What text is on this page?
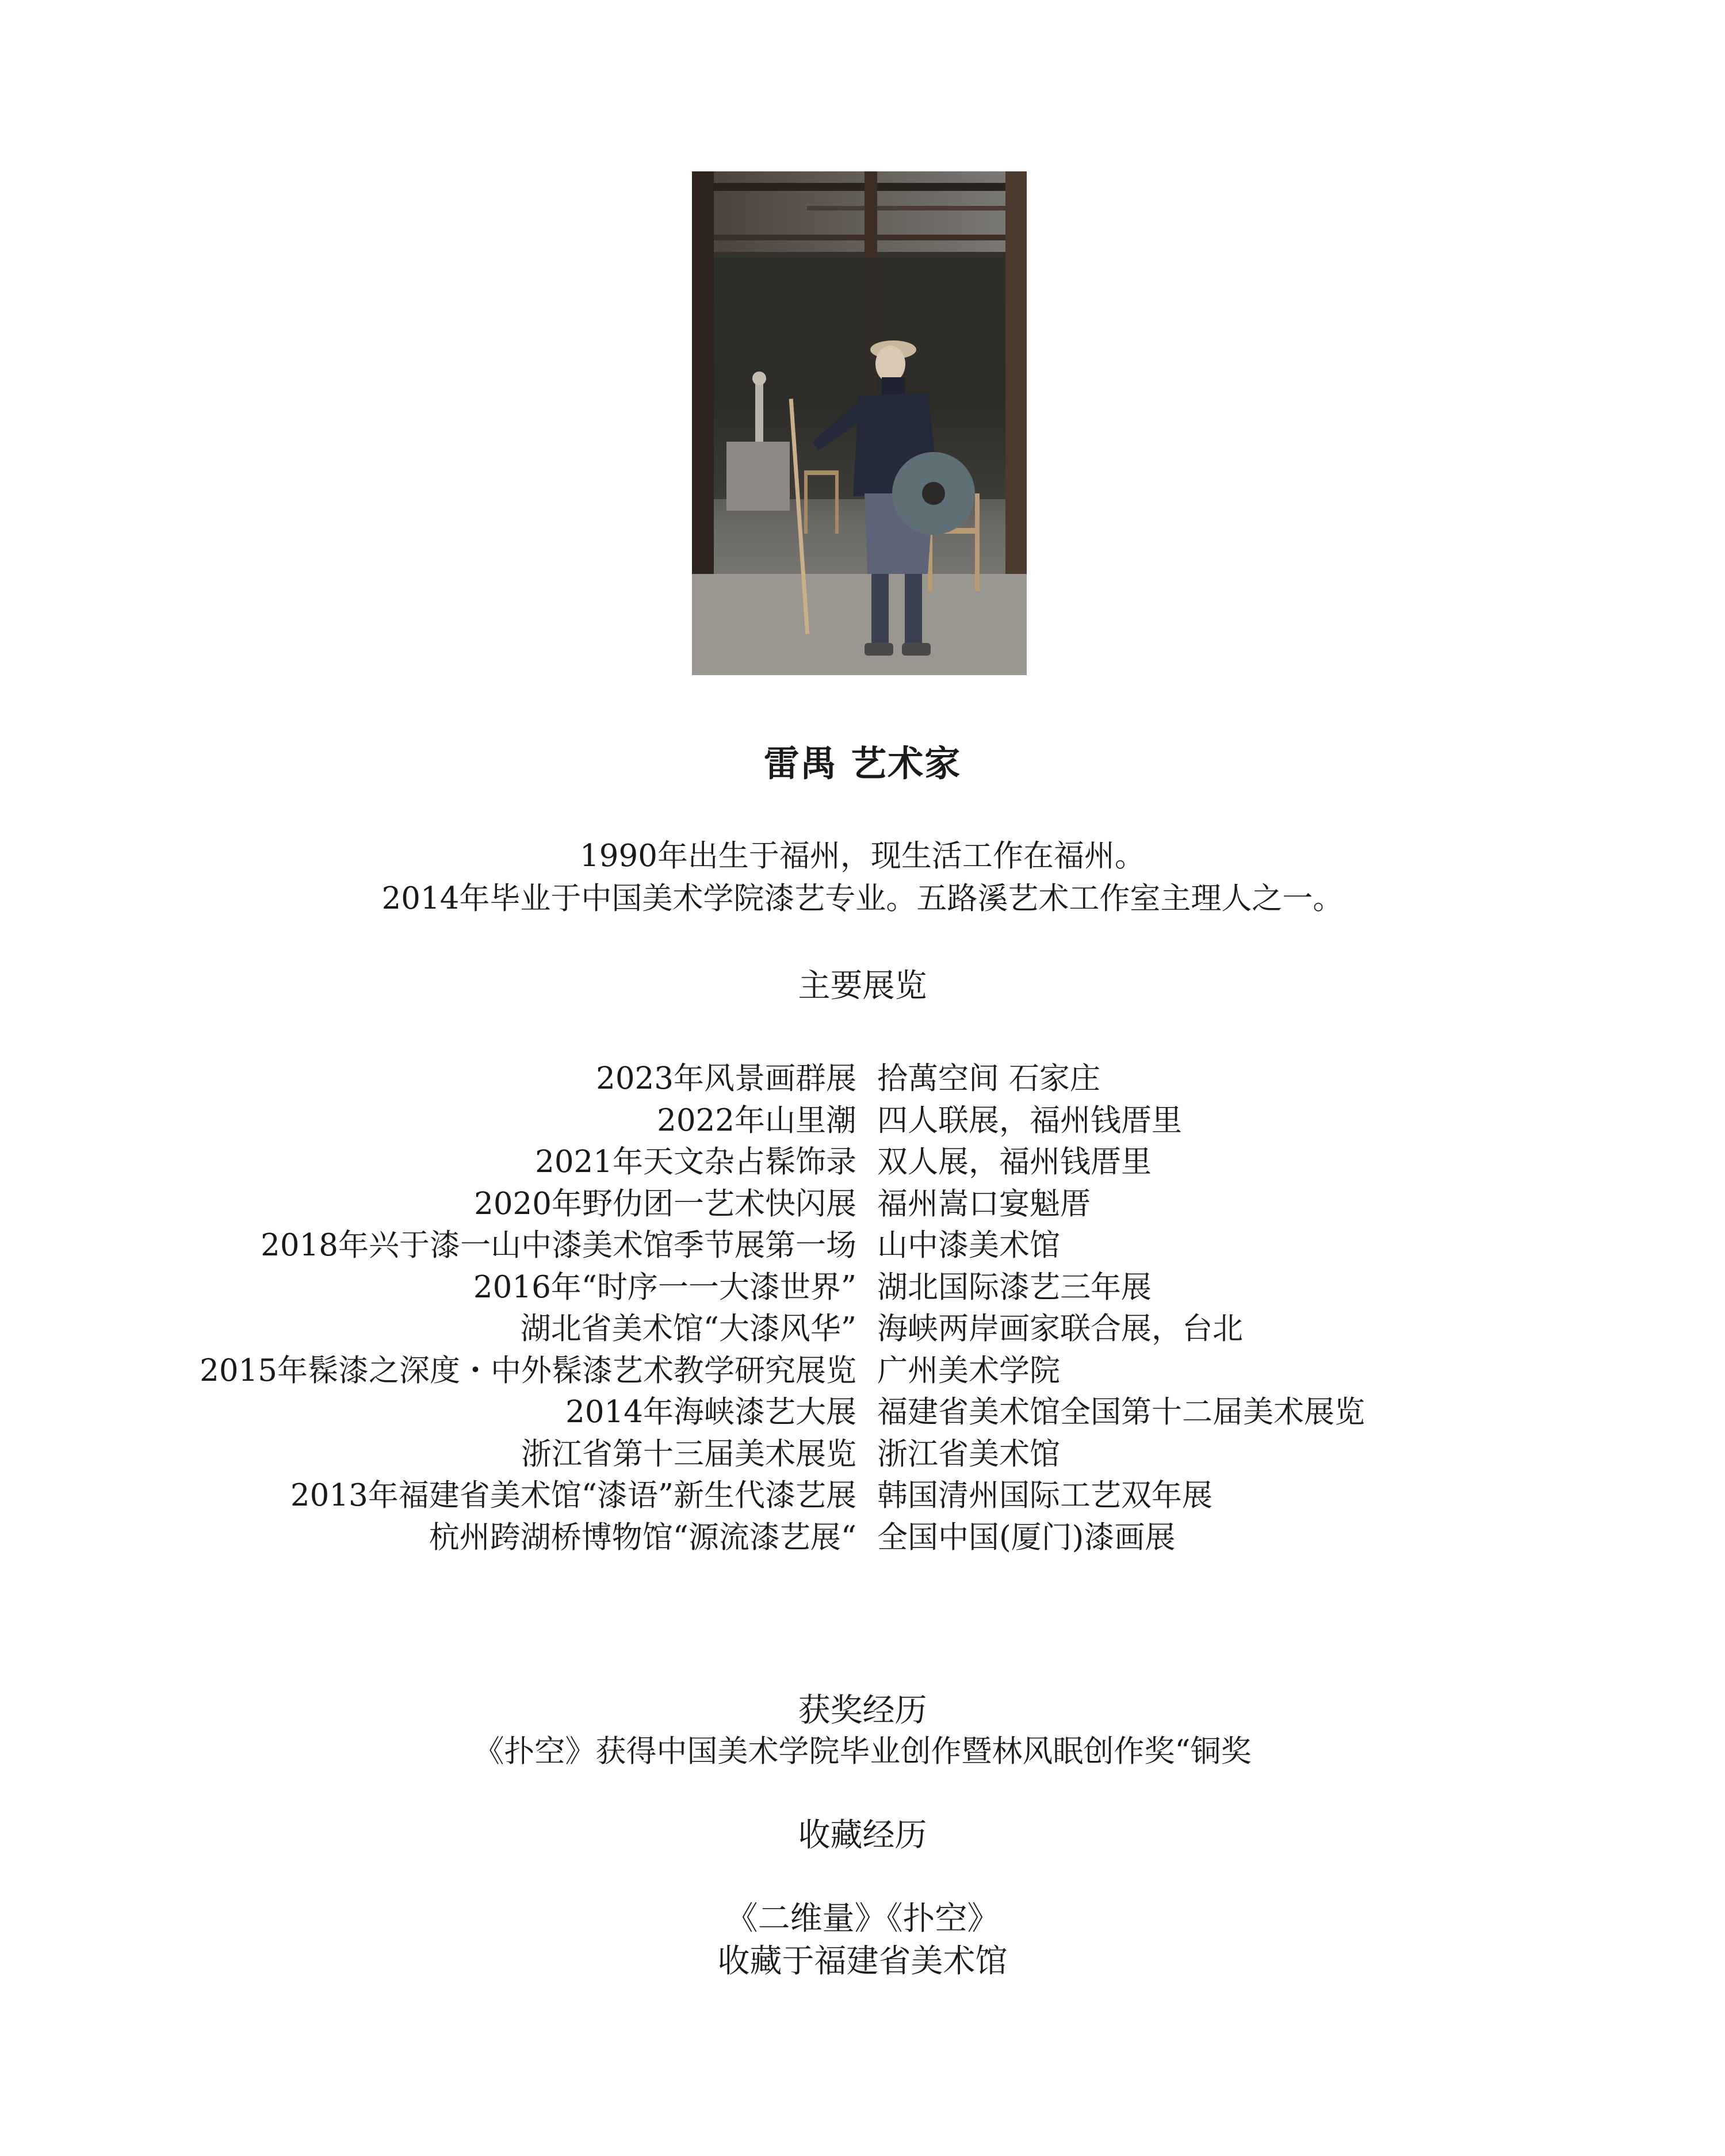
雷禺 艺术家
1990年出生于福州，现生活工作在福州。
2014年毕业于中国美术学院漆艺专业。五路溪艺术工作室主理人之一。
主要展览
2023年风景画群展 拾萬空间 石家庄
2022年山里潮 四人联展，福州钱厝里
2021年天文杂占髹饰录 双人展，福州钱厝里
2020年野仂团一艺术快闪展 福州嵩口宴魁厝
2018年兴于漆一山中漆美术馆季节展第一场 山中漆美术馆
2016年“时序一一大漆世界” 湖北国际漆艺三年展
湖北省美术馆“大漆风华” 海峡两岸画家联合展，台北
2015年髹漆之深度・中外髹漆艺术教学研究展览 广州美术学院
2014年海峡漆艺大展 福建省美术馆全国第十二届美术展览
浙江省第十三届美术展览 浙江省美术馆
2013年福建省美术馆“漆语”新生代漆艺展 韩国清州国际工艺双年展
杭州跨湖桥博物馆“源流漆艺展“ 全国中国(厦门)漆画展
获奖经历
《扑空》获得中国美术学院毕业创作暨林风眠创作奖“铜奖
收藏经历
《二维量》《扑空》
收藏于福建省美术馆
